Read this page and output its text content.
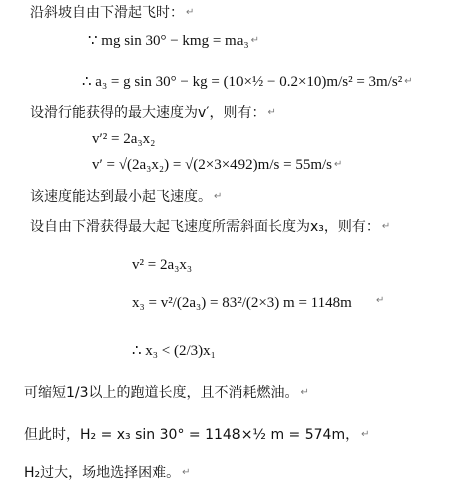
沿斜坡自由下滑起飞时： ↵
∵ mg sin 30° − kmg = ma₃ ↵
∴ a₃ = g sin 30° − kg = (10×½ − 0.2×10)m/s² = 3m/s² ↵
设滑行能获得的最大速度为v′，则有： ↵
v′² = 2a₃x₂
v′ = √(2a₃x₂) = √(2×3×492)m/s = 55m/s ↵
该速度能达到最小起飞速度。 ↵
设自由下滑获得最大起飞速度所需斜面长度为x₃，则有： ↵
v² = 2a₃x₃
x₃ = v²/(2a₃) = 83²/(2×3) m = 1148m ↵
∴ x₃ < (2/3)x₁
可缩短1/3以上的跑道长度，且不消耗燃油。 ↵
但此时，H₂ = x₃ sin 30° = 1148×½ m = 574m， ↵
H₂过大，场地选择困难。 ↵
